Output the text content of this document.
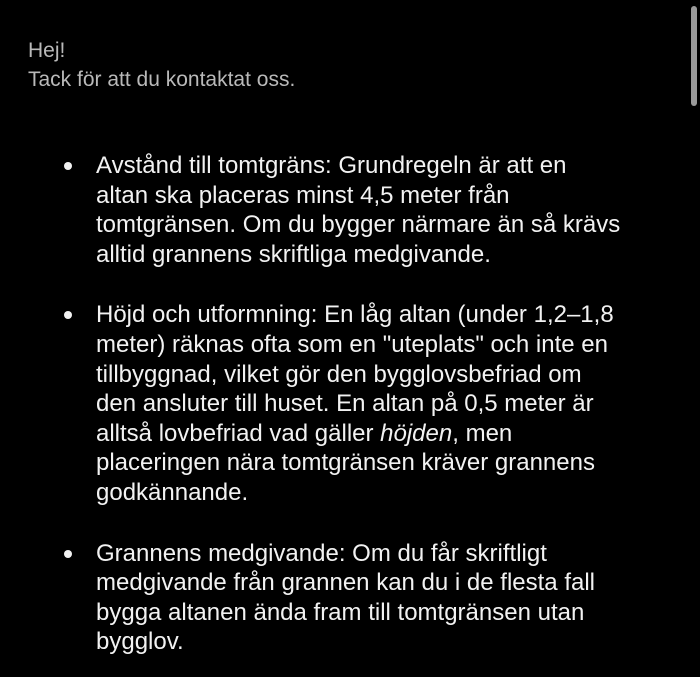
Hej!
Tack för att du kontaktat oss.
Avstånd till tomtgräns: Grundregeln är att en
altan ska placeras minst 4,5 meter från
tomtgränsen. Om du bygger närmare än så krävs
alltid grannens skriftliga medgivande.
Höjd och utformning: En låg altan (under 1,2–1,8
meter) räknas ofta som en "uteplats" och inte en
tillbyggnad, vilket gör den bygglovsbefriad om
den ansluter till huset. En altan på 0,5 meter är
alltså lovbefriad vad gäller höjden, men
placeringen nära tomtgränsen kräver grannens
godkännande.
Grannens medgivande: Om du får skriftligt
medgivande från grannen kan du i de flesta fall
bygga altanen ända fram till tomtgränsen utan
bygglov.
